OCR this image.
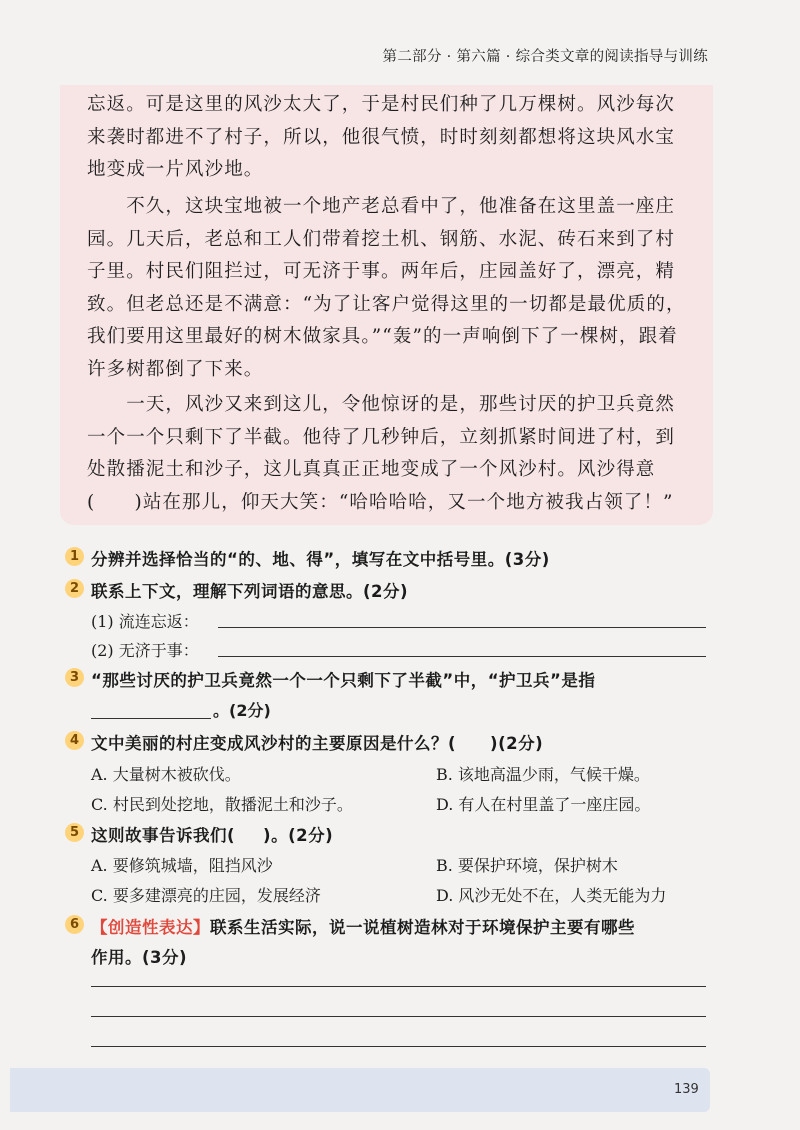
第二部分 · 第六篇 · 综合类文章的阅读指导与训练

忘返。可是这里的风沙太大了，于是村民们种了几万棵树。风沙每次来袭时都进不了村子，所以，他很气愤，时时刻刻都想将这块风水宝地变成一片风沙地。

　　不久，这块宝地被一个地产老总看中了，他准备在这里盖一座庄园。几天后，老总和工人们带着挖土机、钢筋、水泥、砖石来到了村子里。村民们阻拦过，可无济于事。两年后，庄园盖好了，漂亮，精致。但老总还是不满意：“为了让客户觉得这里的一切都是最优质的，我们要用这里最好的树木做家具。”“轰”的一声响倒下了一棵树，跟着许多树都倒了下来。

　　一天，风沙又来到这儿，令他惊讶的是，那些讨厌的护卫兵竟然一个一个只剩下了半截。他待了几秒钟后，立刻抓紧时间进了村，到处散播泥土和沙子，这儿真真正正地变成了一个风沙村。风沙得意(　　)站在那儿，仰天大笑：“哈哈哈哈，又一个地方被我占领了！”

1 分辨并选择恰当的“的、地、得”，填写在文中括号里。(3分)
2 联系上下文，理解下列词语的意思。(2分)
(1) 流连忘返：
(2) 无济于事：
3 “那些讨厌的护卫兵竟然一个一个只剩下了半截”中，“护卫兵”是指
。(2分)
4 文中美丽的村庄变成风沙村的主要原因是什么？( )(2分)
A. 大量树木被砍伐。	B. 该地高温少雨，气候干燥。
C. 村民到处挖地，散播泥土和沙子。	D. 有人在村里盖了一座庄园。
5 这则故事告诉我们( )。(2分)
A. 要修筑城墙，阻挡风沙	B. 要保护环境，保护树木
C. 要多建漂亮的庄园，发展经济	D. 风沙无处不在，人类无能为力
6 【创造性表达】联系生活实际，说一说植树造林对于环境保护主要有哪些
作用。(3分)
139
